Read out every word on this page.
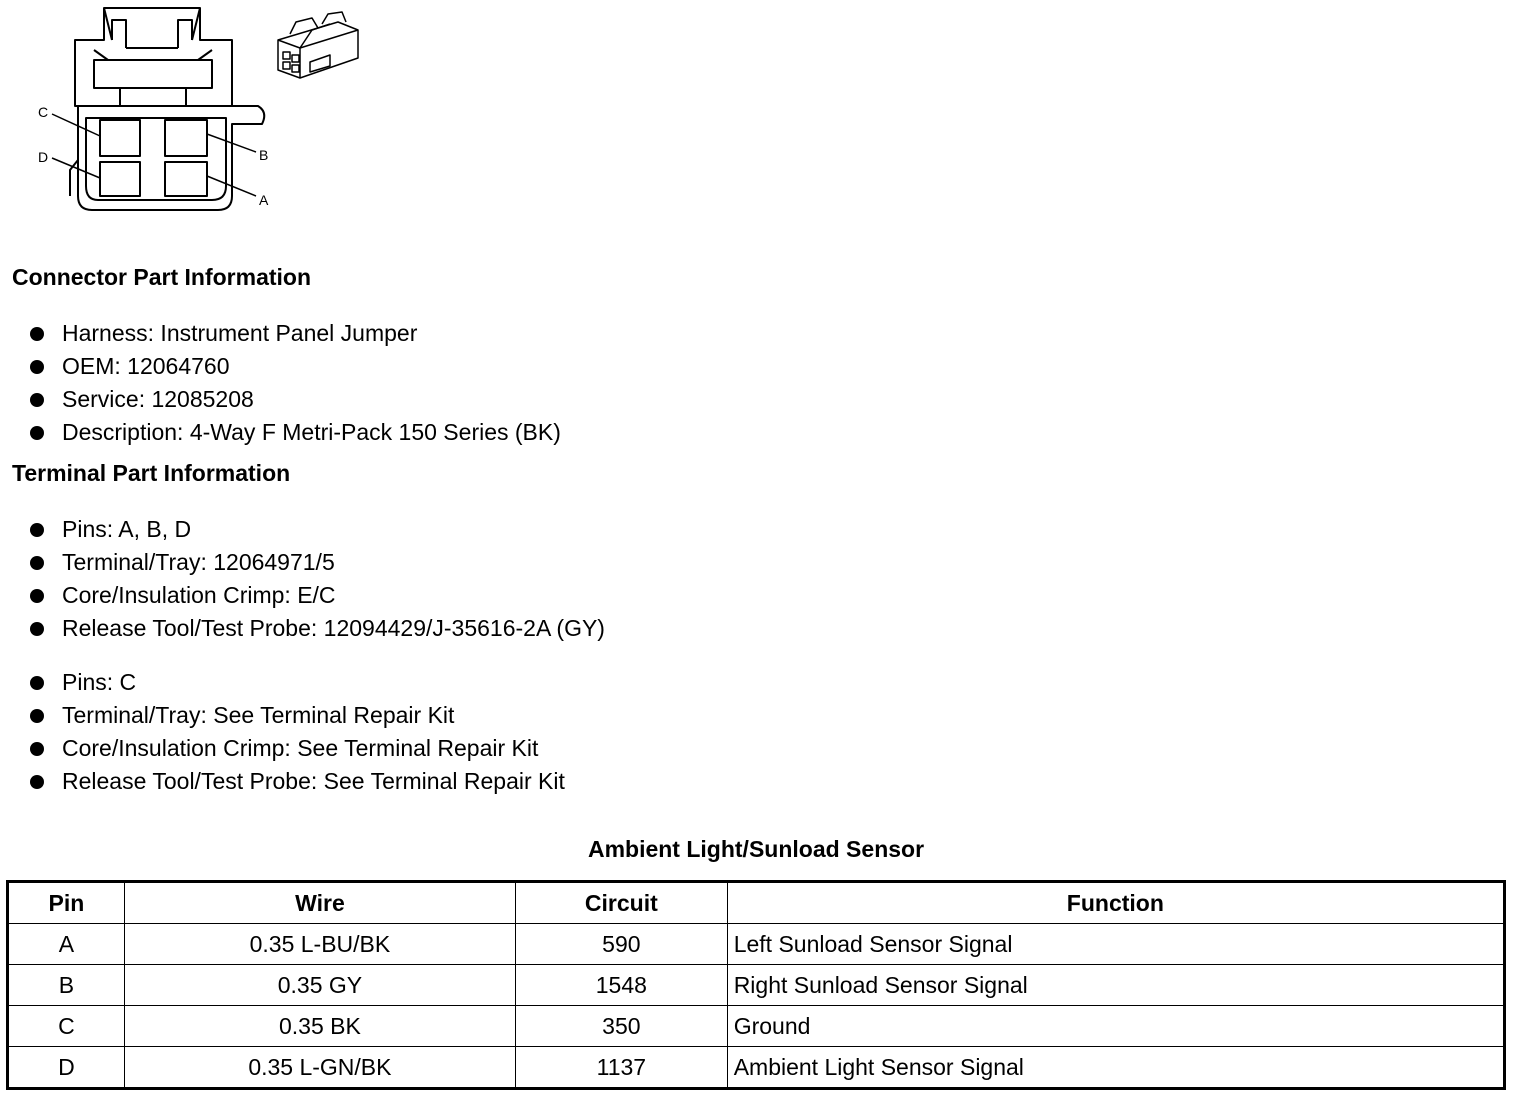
C
D	B
A
Connector Part Information
Harness: Instrument Panel Jumper
OEM: 12064760
Service: 12085208
Description: 4-Way F Metri-Pack 150 Series (BK)
Terminal Part Information
Pins: A, B, D
Terminal/Tray: 12064971/5
Core/Insulation Crimp: E/C
Release Tool/Test Probe: 12094429/J-35616-2A (GY)
Pins: C
Terminal/Tray: See Terminal Repair Kit
Core/Insulation Crimp: See Terminal Repair Kit
Release Tool/Test Probe: See Terminal Repair Kit
Ambient Light/Sunload Sensor
Pin	Wire	Circuit	Function
A	0.35 L-BU/BK	590	Left Sunload Sensor Signal
B	0.35 GY	1548	Right Sunload Sensor Signal
C	0.35 BK	350	Ground
D	0.35 L-GN/BK	1137	Ambient Light Sensor Signal
